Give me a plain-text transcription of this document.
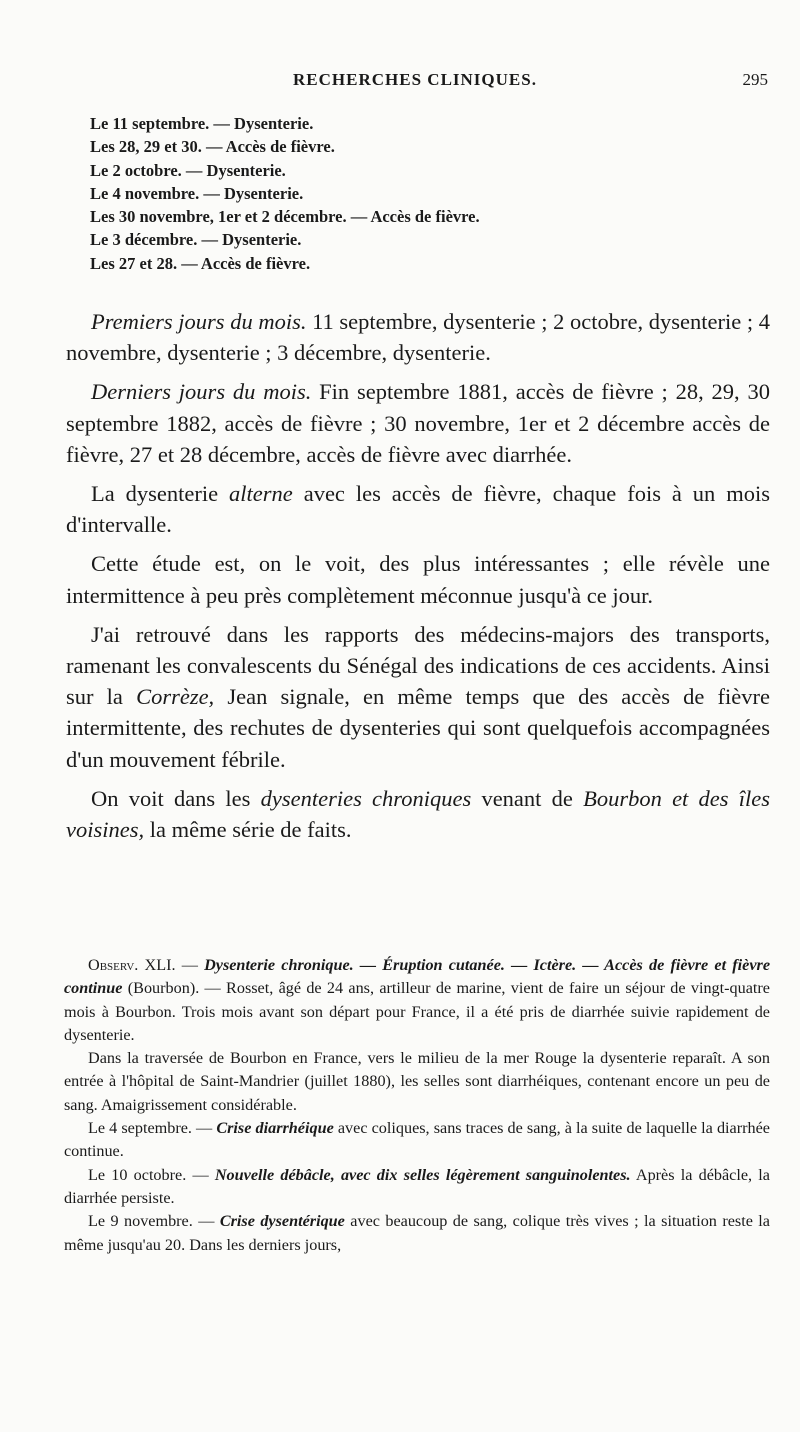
RECHERCHES CLINIQUES.	295
Le 11 septembre. — Dysenterie.
Les 28, 29 et 30. — Accès de fièvre.
Le 2 octobre. — Dysenterie.
Le 4 novembre. — Dysenterie.
Les 30 novembre, 1er et 2 décembre. — Accès de fièvre.
Le 3 décembre. — Dysenterie.
Les 27 et 28. — Accès de fièvre.

Premiers jours du mois. 11 septembre, dysenterie ; 2 octobre, dysenterie ; 4 novembre, dysenterie ; 3 décembre, dysenterie.

Derniers jours du mois. Fin septembre 1881, accès de fièvre ; 28, 29, 30 septembre 1882, accès de fièvre ; 30 novembre, 1er et 2 décembre accès de fièvre, 27 et 28 décembre, accès de fièvre avec diarrhée.

La dysenterie alterne avec les accès de fièvre, chaque fois à un mois d'intervalle.

Cette étude est, on le voit, des plus intéressantes ; elle révèle une intermittence à peu près complètement méconnue jusqu'à ce jour.

J'ai retrouvé dans les rapports des médecins-majors des transports, ramenant les convalescents du Sénégal des indications de ces accidents. Ainsi sur la Corrèze, Jean signale, en même temps que des accès de fièvre intermittente, des rechutes de dysenteries qui sont quelquefois accompagnées d'un mouvement fébrile.

On voit dans les dysenteries chroniques venant de Bourbon et des îles voisines, la même série de faits.

Observ. XLI. — Dysenterie chronique. — Éruption cutanée. — Ictère. — Accès de fièvre et fièvre continue (Bourbon). — Rosset, âgé de 24 ans, artilleur de marine, vient de faire un séjour de vingt-quatre mois à Bourbon. Trois mois avant son départ pour France, il a été pris de diarrhée suivie rapidement de dysenterie.

Dans la traversée de Bourbon en France, vers le milieu de la mer Rouge la dysenterie reparaît. A son entrée à l'hôpital de Saint-Mandrier (juillet 1880), les selles sont diarrhéiques, contenant encore un peu de sang. Amaigrissement considérable.

Le 4 septembre. — Crise diarrhéique avec coliques, sans traces de sang, à la suite de laquelle la diarrhée continue.

Le 10 octobre. — Nouvelle débâcle, avec dix selles légèrement sanguinolentes. Après la débâcle, la diarrhée persiste.

Le 9 novembre. — Crise dysentérique avec beaucoup de sang, colique très vives ; la situation reste la même jusqu'au 20. Dans les derniers jours,
